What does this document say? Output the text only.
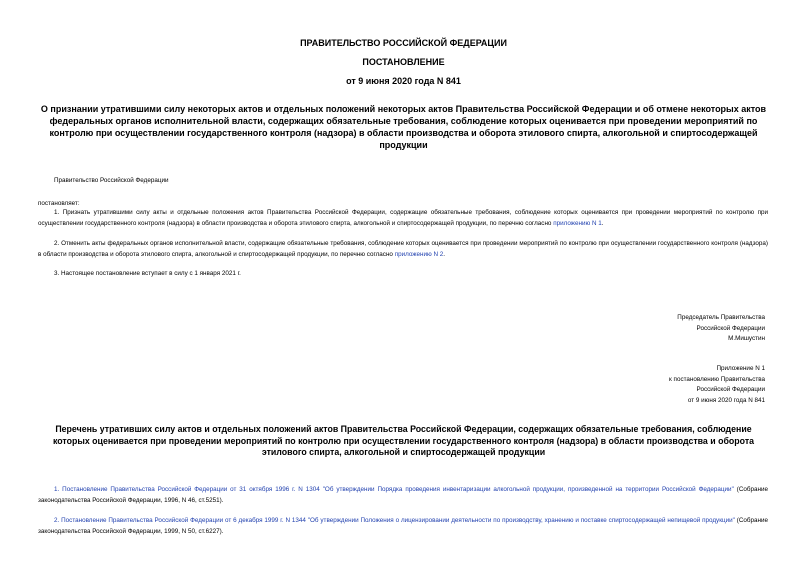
ПРАВИТЕЛЬСТВО РОССИЙСКОЙ ФЕДЕРАЦИИ
ПОСТАНОВЛЕНИЕ
от 9 июня 2020 года N 841
О признании утратившими силу некоторых актов и отдельных положений некоторых актов Правительства Российской Федерации и об отмене некоторых актов федеральных органов исполнительной власти, содержащих обязательные требования, соблюдение которых оценивается при проведении мероприятий по контролю при осуществлении государственного контроля (надзора) в области производства и оборота этилового спирта, алкогольной и спиртосодержащей продукции
Правительство Российской Федерации
постановляет:
1. Признать утратившими силу акты и отдельные положения актов Правительства Российской Федерации, содержащие обязательные требования, соблюдение которых оценивается при проведении мероприятий по контролю при осуществлении государственного контроля (надзора) в области производства и оборота этилового спирта, алкогольной и спиртосодержащей продукции, по перечню согласно приложению N 1.
2. Отменить акты федеральных органов исполнительной власти, содержащие обязательные требования, соблюдение которых оценивается при проведении мероприятий по контролю при осуществлении государственного контроля (надзора) в области производства и оборота этилового спирта, алкогольной и спиртосодержащей продукции, по перечню согласно приложению N 2.
3. Настоящее постановление вступает в силу с 1 января 2021 г.
Председатель Правительства
Российской Федерации
М.Мишустин
Приложение N 1
к постановлению Правительства
Российской Федерации
от 9 июня 2020 года N 841
Перечень утративших силу актов и отдельных положений актов Правительства Российской Федерации, содержащих обязательные требования, соблюдение которых оценивается при проведении мероприятий по контролю при осуществлении государственного контроля (надзора) в области производства и оборота этилового спирта, алкогольной и спиртосодержащей продукции
1. Постановление Правительства Российской Федерации от 31 октября 1996 г. N 1304 "Об утверждении Порядка проведения инвентаризации алкогольной продукции, произведенной на территории Российской Федерации" (Собрание законодательства Российской Федерации, 1996, N 46, ст.5251).
2. Постановление Правительства Российской Федерации от 6 декабря 1999 г. N 1344 "Об утверждении Положения о лицензировании деятельности по производству, хранению и поставке спиртосодержащей непищевой продукции" (Собрание законодательства Российской Федерации, 1999, N 50, ст.6227).
